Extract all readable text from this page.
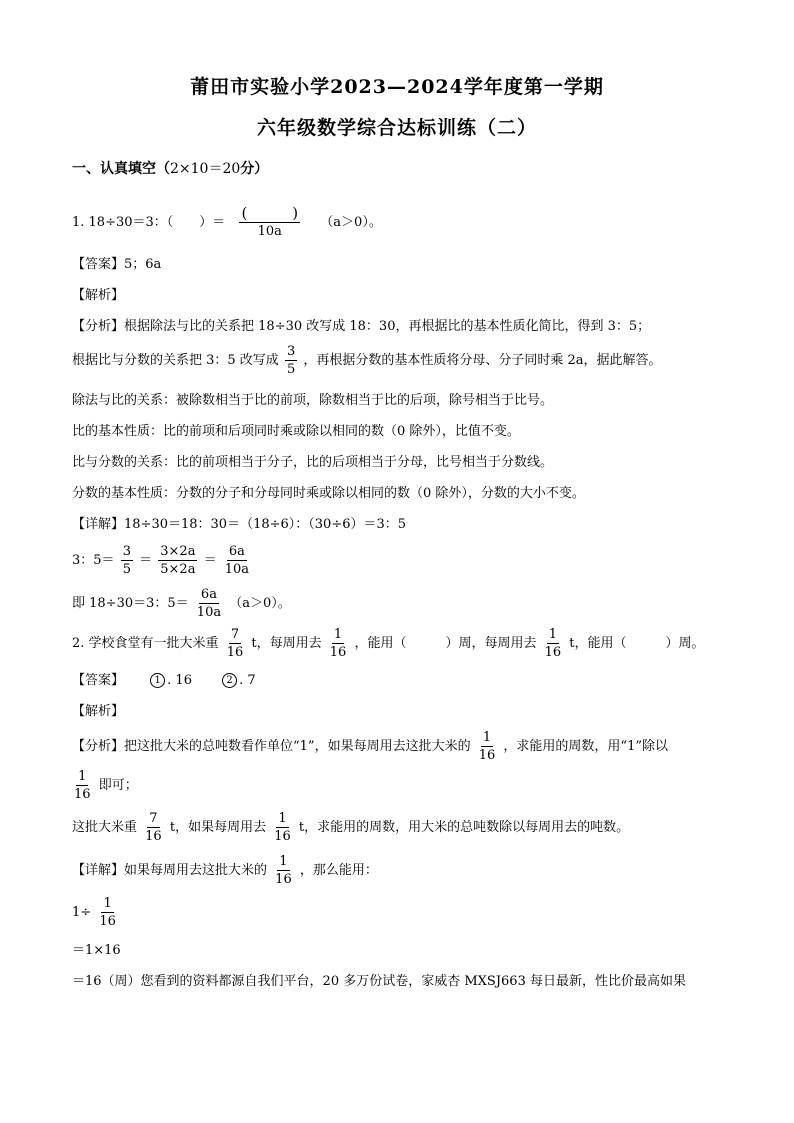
莆田市实验小学2023—2024学年度第一学期
六年级数学综合达标训练（二）
一、认真填空（2×10＝20分）
1. 18÷30＝3：（　　）＝ $\frac{( )}{10a} (a>0)$。
【答案】5；6a
【解析】
【分析】根据除法与比的关系把 18÷30 改写成 18：30，再根据比的基本性质化简比，得到 3：5；
根据比与分数的关系把 3：5 改写成 $\frac{3}{5}$ ，再根据分数的基本性质将分母、分子同时乘 2a，据此解答。
除法与比的关系：被除数相当于比的前项，除数相当于比的后项，除号相当于比号。
比的基本性质：比的前项和后项同时乘或除以相同的数（0 除外），比值不变。
比与分数的关系：比的前项相当于分子，比的后项相当于分母，比号相当于分数线。
分数的基本性质：分数的分子和分母同时乘或除以相同的数（0 除外），分数的大小不变。
【详解】18÷30＝18：30＝（18÷6）：（30÷6）＝3：5
3：$5= \frac{3}{5} = \frac{3\times 2a}{5\times 2a} = \frac{6a}{10a}$
即 18÷30＝3：$5= \frac{6a}{10a} (a>0)$。
2. 学校食堂有一批大米重 $\frac{7}{16}$ t，每周用去 $\frac{1}{16}$ ，能用（　　　）周，每周用去 $\frac{1}{16}$ t，能用（　　　）周。
【答案】	1 . 16	2 . 7
【解析】
【分析】把这批大米的总吨数看作单位“1”，如果每周用去这批大米的 $\frac{1}{16}$ ，求能用的周数，用“1”除以
$\frac{1}{16}$ 即可；
这批大米重 $\frac{7}{16}$ t，如果每周用去 $\frac{1}{16}$ t，求能用的周数，用大米的总吨数除以每周用去的吨数。
【详解】如果每周用去这批大米的 $\frac{1}{16}$ ，那么能用：
$1\div \frac{1}{16}$
＝1×16
＝16（周）您看到的资料都源自我们平台，20 多万份试卷，家威杏 MXSJ663 每日最新，性比价最高如果
